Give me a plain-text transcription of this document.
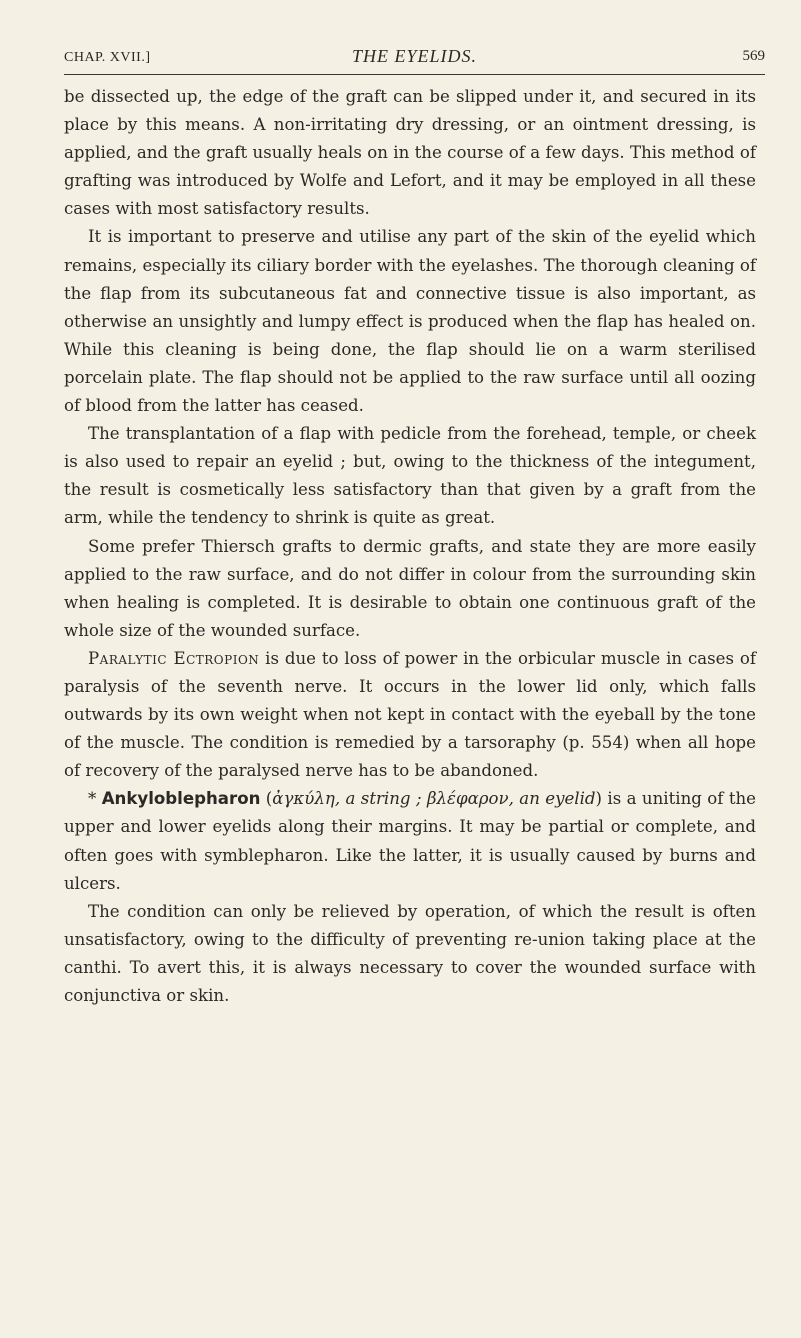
CHAP. XVII.]	THE EYELIDS.	569

be dissected up, the edge of the graft can be slipped under it, and secured in its place by this means. A non-irritating dry dressing, or an ointment dressing, is applied, and the graft usually heals on in the course of a few days. This method of grafting was introduced by Wolfe and Lefort, and it may be employed in all these cases with most satisfactory results.

It is important to preserve and utilise any part of the skin of the eyelid which remains, especially its ciliary border with the eyelashes. The thorough cleaning of the flap from its subcutaneous fat and connective tissue is also important, as otherwise an unsightly and lumpy effect is produced when the flap has healed on. While this cleaning is being done, the flap should lie on a warm sterilised porcelain plate. The flap should not be applied to the raw surface until all oozing of blood from the latter has ceased.

The transplantation of a flap with pedicle from the forehead, temple, or cheek is also used to repair an eyelid ; but, owing to the thickness of the integument, the result is cosmetically less satisfactory than that given by a graft from the arm, while the tendency to shrink is quite as great.

Some prefer Thiersch grafts to dermic grafts, and state they are more easily applied to the raw surface, and do not differ in colour from the surrounding skin when healing is completed. It is desirable to obtain one continuous graft of the whole size of the wounded surface.

Paralytic Ectropion is due to loss of power in the orbicular muscle in cases of paralysis of the seventh nerve. It occurs in the lower lid only, which falls outwards by its own weight when not kept in contact with the eyeball by the tone of the muscle. The condition is remedied by a tarsoraphy (p. 554) when all hope of recovery of the paralysed nerve has to be abandoned.

* Ankyloblepharon (ἀγκύλη, a string ; βλέφαρον, an eyelid) is a uniting of the upper and lower eyelids along their margins. It may be partial or complete, and often goes with symblepharon. Like the latter, it is usually caused by burns and ulcers.

The condition can only be relieved by operation, of which the result is often unsatisfactory, owing to the difficulty of preventing re-union taking place at the canthi. To avert this, it is always necessary to cover the wounded surface with conjunctiva or skin.
